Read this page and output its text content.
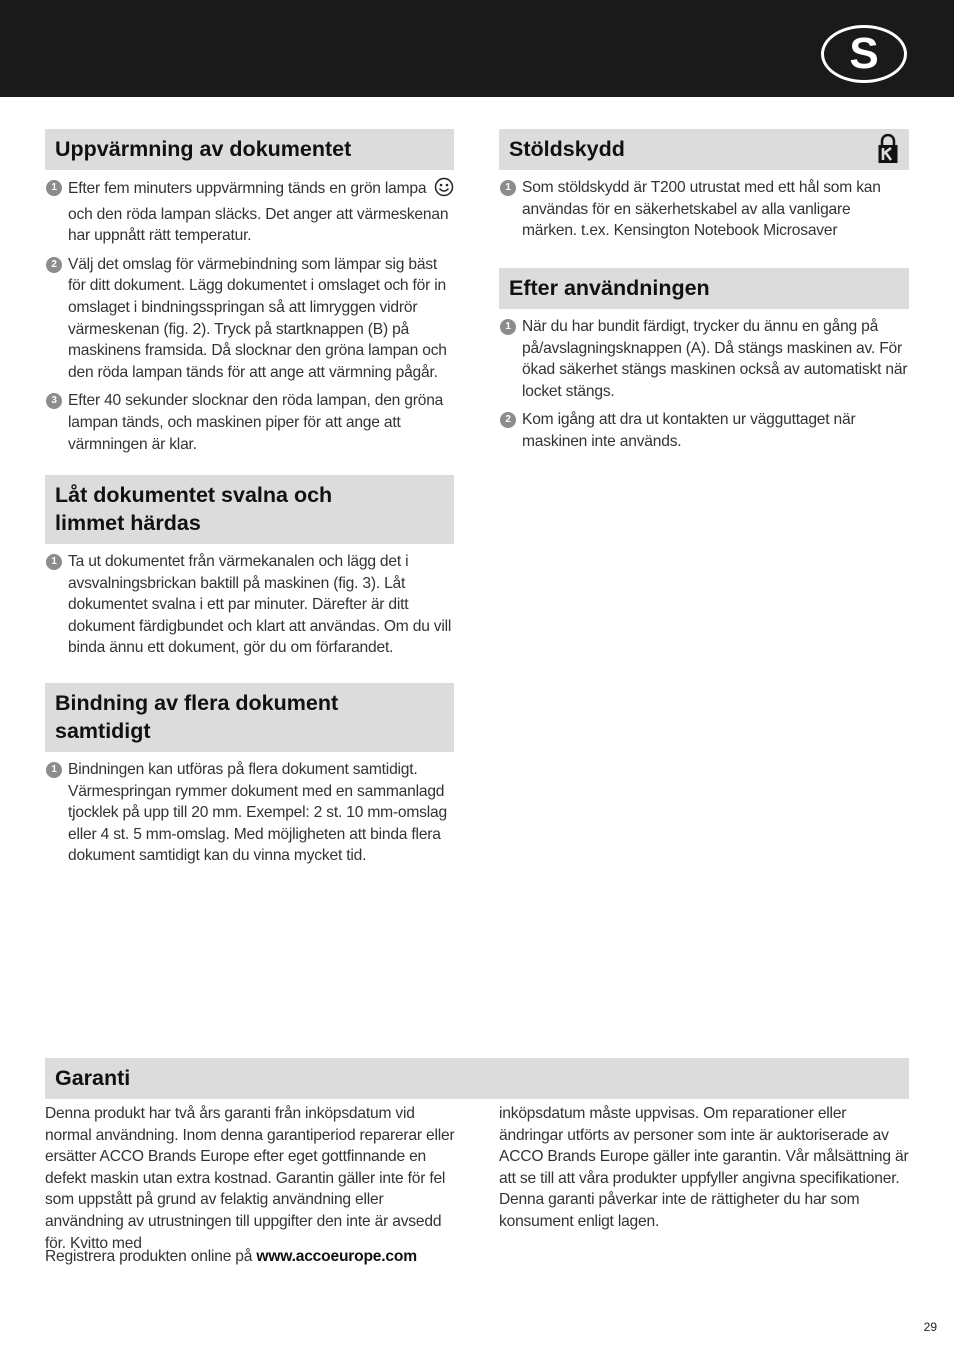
S
Uppvärmning av dokumentet
1 Efter fem minuters uppvärmning tänds en grön lampa  och den röda lampan släcks. Det anger att värmeskenan har uppnått rätt temperatur.
2 Välj det omslag för värmebindning som lämpar sig bäst för ditt dokument. Lägg dokumentet i omslaget och för in omslaget i bindningsspringan så att limryggen vidrör värmeskenan (fig. 2). Tryck på startknappen (B) på maskinens framsida. Då slocknar den gröna lampan och den röda lampan tänds för att ange att värmning pågår.
3 Efter 40 sekunder slocknar den röda lampan, den gröna lampan tänds, och maskinen piper för att ange att värmningen är klar.
Låt dokumentet svalna och limmet härdas
1 Ta ut dokumentet från värmekanalen och lägg det i avsvalningsbrickan baktill på maskinen (fig. 3). Låt dokumentet svalna i ett par minuter. Därefter är ditt dokument färdigbundet och klart att användas. Om du vill binda ännu ett dokument, gör du om förfarandet.
Bindning av flera dokument samtidigt
1 Bindningen kan utföras på flera dokument samtidigt. Värmespringan rymmer dokument med en sammanlagd tjocklek på upp till 20 mm. Exempel: 2 st. 10 mm-omslag eller 4 st. 5 mm-omslag. Med möjligheten att binda flera dokument samtidigt kan du vinna mycket tid.
Stöldskydd
1 Som stöldskydd är T200 utrustat med ett hål som kan användas för en säkerhetskabel av alla vanligare märken. t.ex. Kensington Notebook Microsaver
Efter användningen
1 När du har bundit färdigt, trycker du ännu en gång på på/avslagningsknappen (A). Då stängs maskinen av. För ökad säkerhet stängs maskinen också av automatiskt när locket stängs.
2 Kom igång att dra ut kontakten ur vägguttaget när maskinen inte används.
Garanti
Denna produkt har två års garanti från inköpsdatum vid normal användning. Inom denna garantiperiod reparerar eller ersätter ACCO Brands Europe efter eget gottfinnande en defekt maskin utan extra kostnad. Garantin gäller inte för fel som uppstått på grund av felaktig användning eller användning av utrustningen till uppgifter den inte är avsedd för. Kvitto med
inköpsdatum måste uppvisas. Om reparationer eller ändringar utförts av personer som inte är auktoriserade av ACCO Brands Europe gäller inte garantin. Vår målsättning är att se till att våra produkter uppfyller angivna specifikationer. Denna garanti påverkar inte de rättigheter du har som konsument enligt lagen.
Registrera produkten online på www.accoeurope.com
29
